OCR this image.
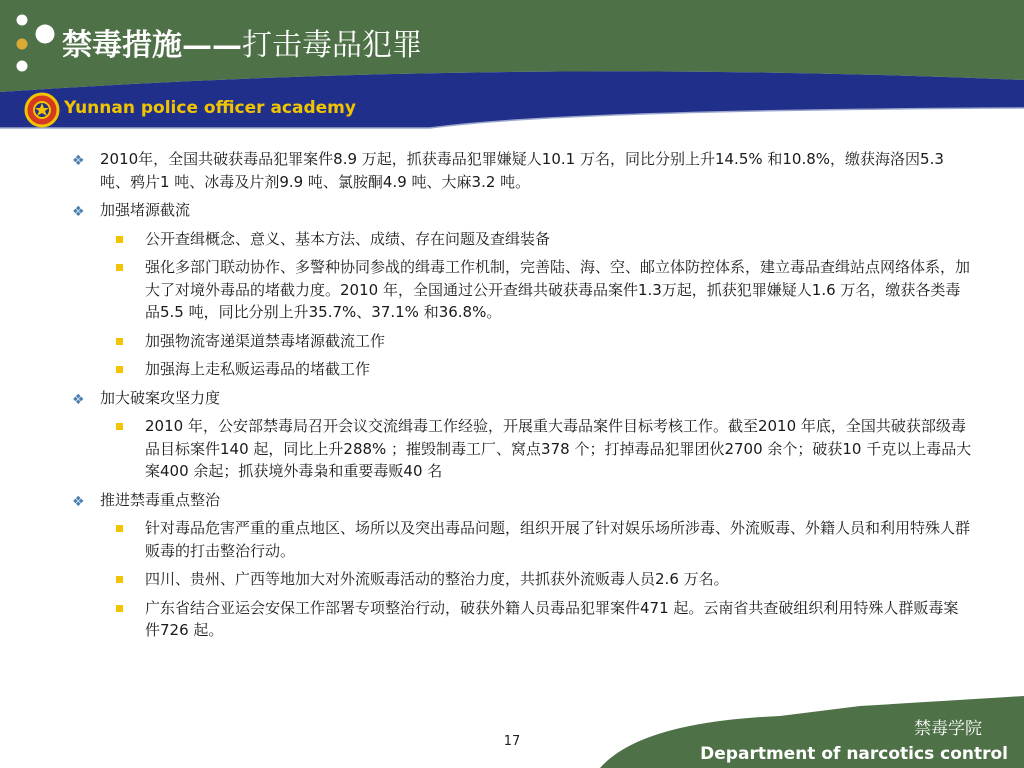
禁毒措施——打击毒品犯罪
Yunnan police officer academy
❖ 2010年，全国共破获毒品犯罪案件8.9 万起，抓获毒品犯罪嫌疑人10.1 万名，同比分别上升14.5% 和10.8%，缴获海洛因5.3 吨、鸦片1 吨、冰毒及片剂9.9 吨、氯胺酮4.9 吨、大麻3.2 吨。
❖ 加强堵源截流
公开查缉概念、意义、基本方法、成绩、存在问题及查缉装备
强化多部门联动协作、多警种协同参战的缉毒工作机制，完善陆、海、空、邮立体防控体系，建立毒品查缉站点网络体系，加大了对境外毒品的堵截力度。2010 年，全国通过公开查缉共破获毒品案件1.3万起，抓获犯罪嫌疑人1.6 万名，缴获各类毒品5.5 吨，同比分别上升35.7%、37.1% 和36.8%。
加强物流寄递渠道禁毒堵源截流工作
加强海上走私贩运毒品的堵截工作
❖ 加大破案攻坚力度
2010 年，公安部禁毒局召开会议交流缉毒工作经验，开展重大毒品案件目标考核工作。截至2010 年底，全国共破获部级毒品目标案件140 起，同比上升288% ；摧毁制毒工厂、窝点378 个；打掉毒品犯罪团伙2700 余个；破获10 千克以上毒品大案400 余起；抓获境外毒枭和重要毒贩40 名
❖ 推进禁毒重点整治
针对毒品危害严重的重点地区、场所以及突出毒品问题，组织开展了针对娱乐场所涉毒、外流贩毒、外籍人员和利用特殊人群贩毒的打击整治行动。
四川、贵州、广西等地加大对外流贩毒活动的整治力度，共抓获外流贩毒人员2.6 万名。
广东省结合亚运会安保工作部署专项整治行动，破获外籍人员毒品犯罪案件471 起。云南省共查破组织利用特殊人群贩毒案件726 起。
17
禁毒学院
Department of narcotics control
